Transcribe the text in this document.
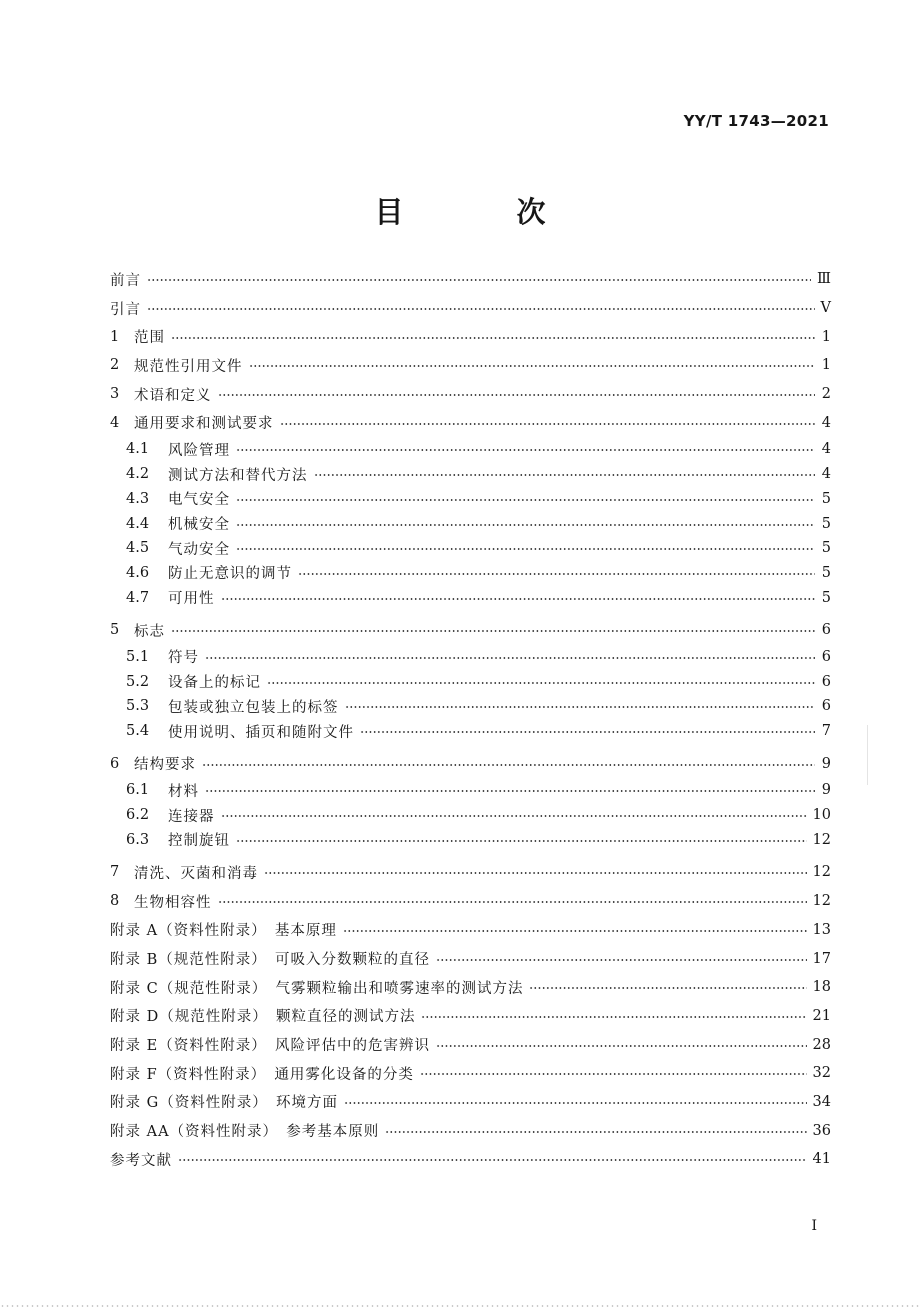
YY/T 1743—2021
目　次
前言	Ⅲ
引言	Ⅴ
1	范围	1
2	规范性引用文件	1
3	术语和定义	2
4	通用要求和测试要求	4
4.1	风险管理	4
4.2	测试方法和替代方法	4
4.3	电气安全	5
4.4	机械安全	5
4.5	气动安全	5
4.6	防止无意识的调节	5
4.7	可用性	5
5	标志	6
5.1	符号	6
5.2	设备上的标记	6
5.3	包装或独立包装上的标签	6
5.4	使用说明、插页和随附文件	7
6	结构要求	9
6.1	材料	9
6.2	连接器	10
6.3	控制旋钮	12
7	清洗、灭菌和消毒	12
8	生物相容性	12
附录 A（资料性附录）　基本原理	13
附录 B（规范性附录）　可吸入分数颗粒的直径	17
附录 C（规范性附录）　气雾颗粒输出和喷雾速率的测试方法	18
附录 D（规范性附录）　颗粒直径的测试方法	21
附录 E（资料性附录）　风险评估中的危害辨识	28
附录 F（资料性附录）　通用雾化设备的分类	32
附录 G（资料性附录）　环境方面	34
附录 AA（资料性附录）　参考基本原则	36
参考文献	41
I
